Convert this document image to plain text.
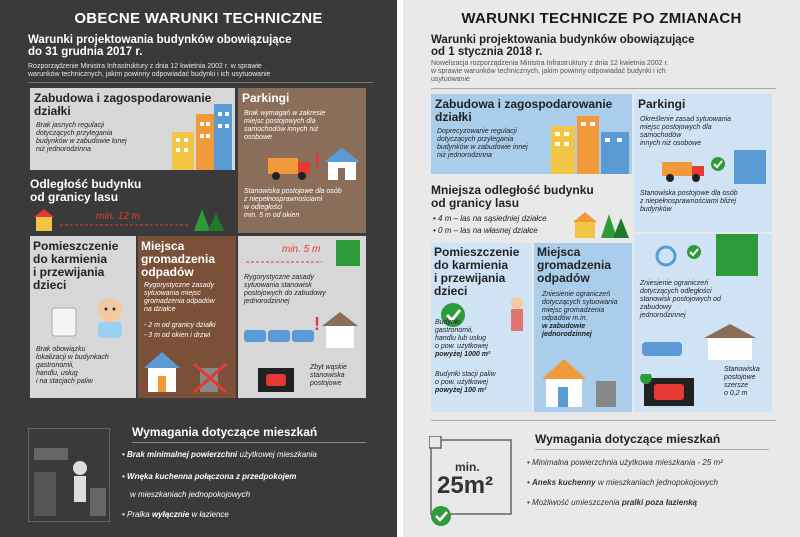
OBECNE WARUNKI TECHNICZNE
Warunki projektowania budynków obowiązujące
do 31 grudnia 2017 r.
Rozporządzenie Ministra Infrastruktury z dnia 12 kwietnia 2002 r. w sprawie
warunków technicznych, jakim powinny odpowiadać budynki i ich usytuowanie
Zabudowa i zagospodarowanie
działki
Brak jasnych regulacji
dotyczących przylegania
budynków w zabudowie lonej
niż jednorodzinna
Parkingi
Brak wymagań w zakresie
miejsc postojowych dla
samochodów innych niż
osobowe
!
Stanowiska postojowe dla osób
z niepełnosprawnościami
w odległości
min. 5 m od okien
Odległość budynku
od granicy lasu
min. 12 m
Pomieszczenie
do karmienia
i przewijania
dzieci
Brak obowiązku
lokalizacji w budynkach
gastronomii,
handlu, usług
i na stacjach paliw
Miejsca
gromadzenia
odpadów
Rygorystyczne zasady
sytuowania miejsc
gromadzenia odpadów
na działce
- 2 m od granicy działki
- 3 m od okien i drzwi
min. 5 m
Rygorystyczne zasady
sytuowania stanowisk
postojowych do zabudowy
jednorodzinnej
!
Zbyt wąskie
stanowiska
postojowe
Wymagania dotyczące mieszkań
• Brak minimalnej powierzchni użytkowej mieszkania
• Wnęka kuchenna połączona z przedpokojem
w mieszkaniach jednopokojowych
• Pralka wyłącznie w łazience
WARUNKI TECHNICZE PO ZMIANACH
Warunki projektowania budynków obowiązujące
od 1 stycznia 2018 r.
Nowelizacja rozporządzenia Ministra Infrastruktury z dnia 12 kwietnia 2002 r.
w sprawie warunków technicznych, jakim powinny odpowiadać budynki i ich
usytuowanie
Zabudowa i zagospodarowanie
działki
Doprecyzowanie regulacji
dotyczących przylegania
budynków w zabudowie innej
niż jednorodzinna
Parkingi
Określenie zasad sytuowania
miejsc postojowych dla
samochodów
innych niż osobowe
Stanowiska postojowe dla osób
z niepełnosprawnościami bliżej
budynków
Mniejsza odległość budynku
od granicy lasu
• 4 m – las na sąsiedniej działce
• 0 m – las na własnej działce
Zniesienie ograniczeń
dotyczących odległości
stanowisk postojowych od
zabudowy
jednorodzinnej
Stanowiska
postojowe
szersze
o 0,2 m
Pomieszczenie
do karmienia
i przewijania
dzieci
Budynki
gastronomii,
handlu lub usług
o pow. użytkowej
powyżej 1000 m²
Budynki stacji paliw
o pow. użytkowej
powyżej 100 m²
Miejsca
gromadzenia
odpadów
Zniesienie ograniczeń
dotyczących sytuowania
miejsc gromadzenia
odpadów m.in.
w zabudowie
jednorodzinnej
min.
25m²
Wymagania dotyczące mieszkań
• Minimalna powierzchnia użytkowa mieszkania - 25 m²
• Aneks kuchenny w mieszkaniach jednopokojowych
• Możliwość umieszczenia pralki poza łazienką
